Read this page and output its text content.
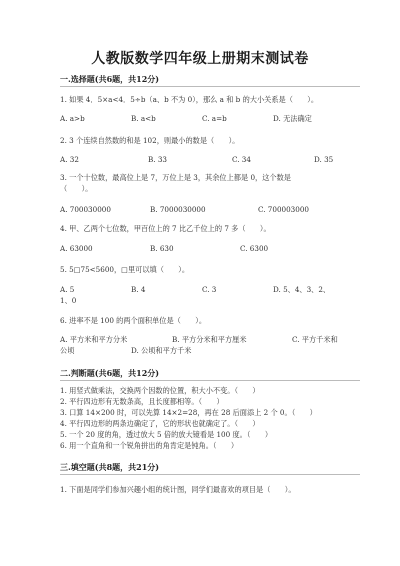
人教版数学四年级上册期末测试卷
一.选择题(共6题，共12分)
1. 如果 4．5×a<4．5÷b（a、b 不为 0），那么 a 和 b 的大小关系是（　　）。
A. a>b	B. a<b	C. a=b	D. 无法确定
2. 3 个连续自然数的和是 102，则最小的数是（　　）。
A. 32	B. 33	C. 34	D. 35
3. 一个十位数，最高位上是 7，万位上是 3，其余位上都是 0，这个数是
（　　）。
A. 700030000	B. 7000030000	C. 700003000
4. 甲、乙两个七位数，甲百位上的 7 比乙千位上的 7 多（　　）。
A. 63000	B. 630	C. 6300
5. 5□75<5600，□里可以填（　　）。
A. 5	B. 4	C. 3	D. 5、4、3、2、
1、0
6. 进率不是 100 的两个面积单位是（　　）。
A. 平方米和平方分米	B. 平方分米和平方厘米	C. 平方千米和
公顷	D. 公顷和平方千米
二.判断题(共6题，共12分)
1. 用竖式做乘法，交换两个因数的位置，积大小不变。（　　）
2. 平行四边形有无数条高，且长度都相等。（　　）
3. 口算 14×200 时，可以先算 14×2=28，再在 28 后面添上 2 个 0。（　　）
4. 平行四边形的两条边确定了，它的形状也就确定了。（　　）
5. 一个 20 度的角，透过放大 5 倍的放大镜看是 100 度。（　　）
6. 用一个直角和一个锐角拼出的角肯定是钝角。（　　）
三.填空题(共8题，共21分)
1. 下面是同学们参加兴趣小组的统计图，同学们最喜欢的项目是（　　）。
